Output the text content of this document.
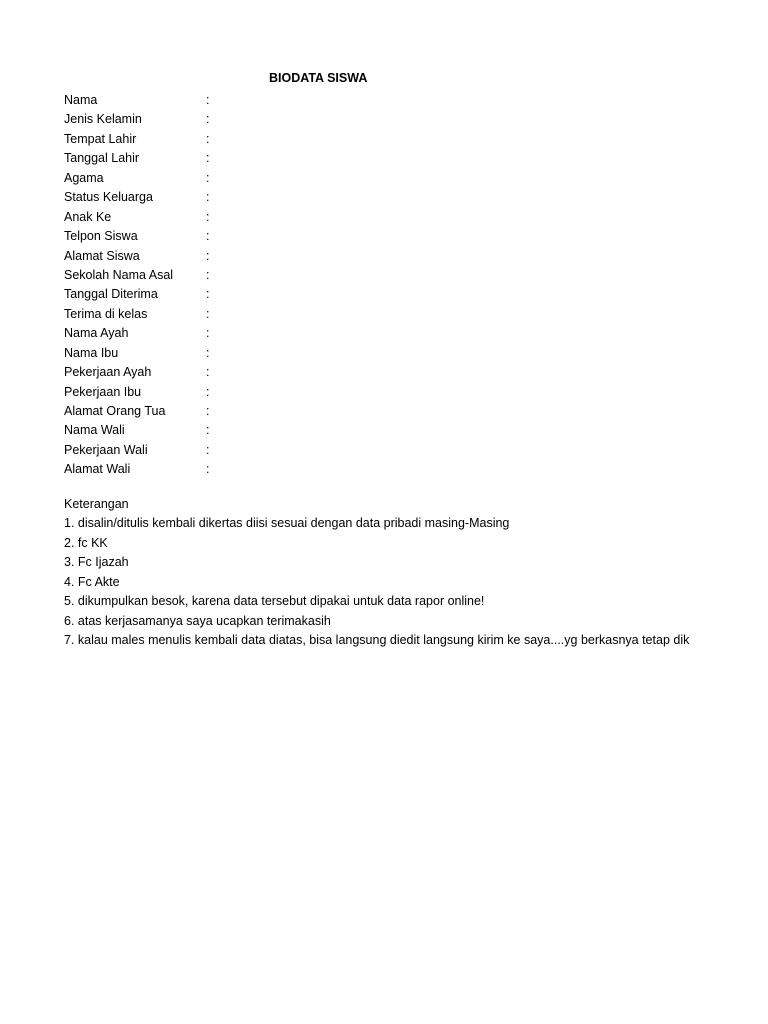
BIODATA SISWA
Nama	:
Jenis Kelamin	:
Tempat Lahir	:
Tanggal Lahir	:
Agama	:
Status Keluarga	:
Anak Ke	:
Telpon Siswa	:
Alamat Siswa	:
Sekolah Nama Asal	:
Tanggal Diterima	:
Terima di kelas	:
Nama Ayah	:
Nama Ibu	:
Pekerjaan Ayah	:
Pekerjaan Ibu	:
Alamat Orang Tua	:
Nama Wali	:
Pekerjaan Wali	:
Alamat Wali	:
Keterangan
1. disalin/ditulis kembali dikertas diisi sesuai dengan data pribadi masing-Masing
2. fc KK
3. Fc Ijazah
4. Fc Akte
5. dikumpulkan besok, karena data tersebut dipakai untuk data rapor online!
6. atas kerjasamanya saya ucapkan terimakasih
7. kalau males menulis kembali data diatas, bisa langsung diedit langsung kirim ke saya....yg berkasnya tetap dik
